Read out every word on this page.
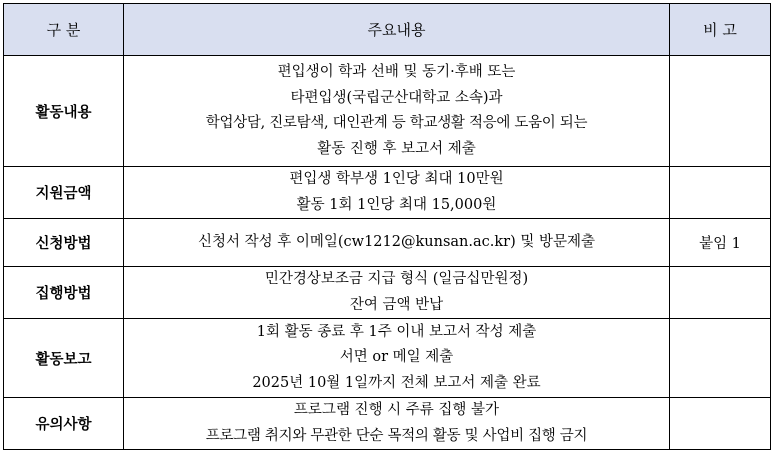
구 분	주요내용	비 고
활동내용	편입생이 학과 선배 및 동기·후배 또는
타편입생(국립군산대학교 소속)과
학업상담, 진로탐색, 대인관계 등 학교생활 적응에 도움이 되는
활동 진행 후 보고서 제출	

지원금액	편입생 학부생 1인당 최대 10만원
활동 1회 1인당 최대 15,000원	

신청방법	신청서 작성 후 이메일(cw1212@kunsan.ac.kr) 및 방문제출	붙임 1
집행방법	민간경상보조금 지급 형식 (일금십만원정)
잔여 금액 반납	

활동보고	1회 활동 종료 후 1주 이내 보고서 작성 제출
서면 or 메일 제출
2025년 10월 1일까지 전체 보고서 제출 완료	

유의사항	프로그램 진행 시 주류 집행 불가
프로그램 취지와 무관한 단순 목적의 활동 및 사업비 집행 금지	
